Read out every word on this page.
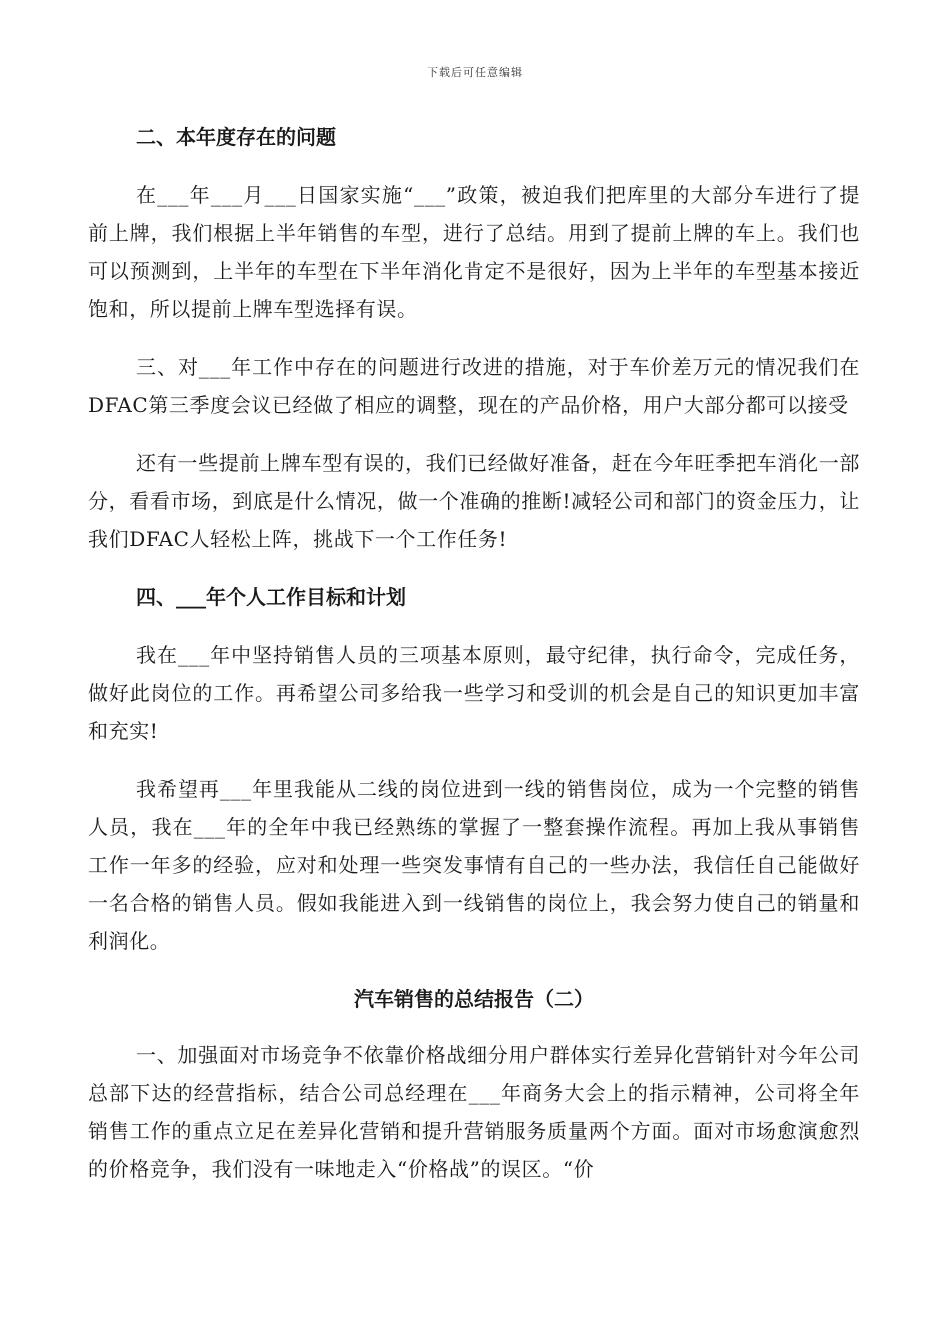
下载后可任意编辑
二、本年度存在的问题

在___年___月___日国家实施“___”政策，被迫我们把库里的大部分车进行了提前上牌，我们根据上半年销售的车型，进行了总结。用到了提前上牌的车上。我们也可以预测到，上半年的车型在下半年消化肯定不是很好，因为上半年的车型基本接近饱和，所以提前上牌车型选择有误。

三、对___年工作中存在的问题进行改进的措施，对于车价差万元的情况我们在DFAC第三季度会议已经做了相应的调整，现在的产品价格，用户大部分都可以接受

还有一些提前上牌车型有误的，我们已经做好准备，赶在今年旺季把车消化一部分，看看市场，到底是什么情况，做一个准确的推断!减轻公司和部门的资金压力，让我们DFAC人轻松上阵，挑战下一个工作任务!

四、___年个人工作目标和计划

我在___年中坚持销售人员的三项基本原则，最守纪律，执行命令，完成任务，做好此岗位的工作。再希望公司多给我一些学习和受训的机会是自己的知识更加丰富和充实!

我希望再___年里我能从二线的岗位进到一线的销售岗位，成为一个完整的销售人员，我在___年的全年中我已经熟练的掌握了一整套操作流程。再加上我从事销售工作一年多的经验，应对和处理一些突发事情有自己的一些办法，我信任自己能做好一名合格的销售人员。假如我能进入到一线销售的岗位上，我会努力使自己的销量和利润化。

汽车销售的总结报告（二）

一、加强面对市场竞争不依靠价格战细分用户群体实行差异化营销针对今年公司总部下达的经营指标，结合公司总经理在___年商务大会上的指示精神，公司将全年销售工作的重点立足在差异化营销和提升营销服务质量两个方面。面对市场愈演愈烈的价格竞争，我们没有一味地走入“价格战”的误区。“价
